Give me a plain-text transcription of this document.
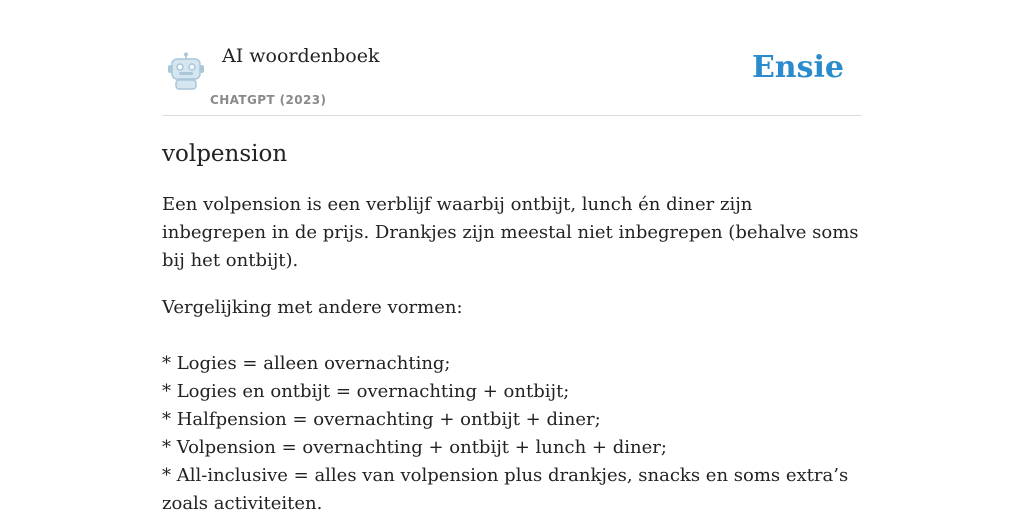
AI woordenboek
CHATGPT (2023)
Ensie
volpension

Een volpension is een verblijf waarbij ontbijt, lunch én diner zijn inbegrepen in de prijs. Drankjes zijn meestal niet inbegrepen (behalve soms bij het ontbijt).

Vergelijking met andere vormen:

* Logies = alleen overnachting;
* Logies en ontbijt = overnachting + ontbijt;
* Halfpension = overnachting + ontbijt + diner;
* Volpension = overnachting + ontbijt + lunch + diner;
* All-inclusive = alles van volpension plus drankjes, snacks en soms extra’s zoals activiteiten.
